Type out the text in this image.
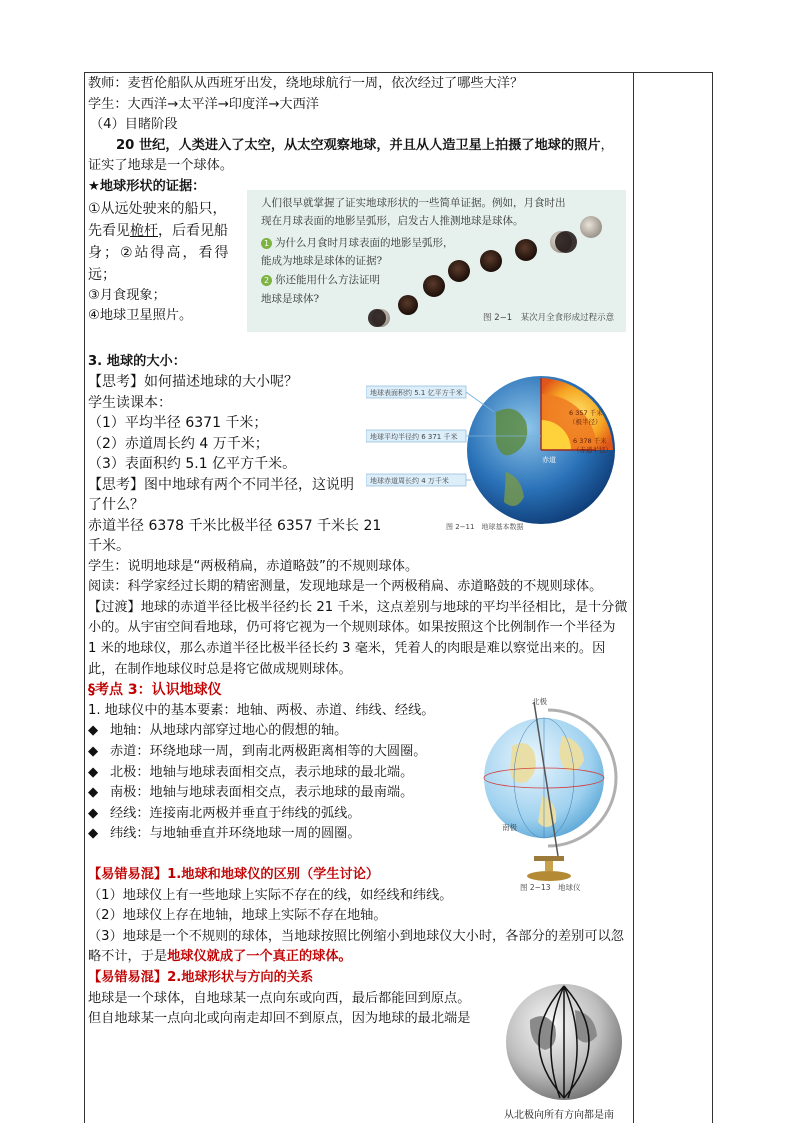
教师：麦哲伦船队从西班牙出发，绕地球航行一周，依次经过了哪些大洋？

学生：大西洋→太平洋→印度洋→大西洋

（4）目睹阶段

20 世纪，人类进入了太空，从太空观察地球，并且从人造卫星上拍摄了地球的照片，

证实了地球是一个球体。

★地球形状的证据：

①从远处驶来的船只，

先看见桅杆，后看见船

身；②站得高，看得

远；

③月食现象；

④地球卫星照片。

3. 地球的大小：

【思考】如何描述地球的大小呢？

学生读课本：

（1）平均半径 6371 千米；

（2）赤道周长约 4 万千米；

（3）表面积约 5.1 亿平方千米。

【思考】图中地球有两个不同半径，这说明

了什么？

赤道半径 6378 千米比极半径 6357 千米长 21

千米。

学生：说明地球是“两极稍扁，赤道略鼓”的不规则球体。

阅读：科学家经过长期的精密测量，发现地球是一个两极稍扁、赤道略鼓的不规则球体。

【过渡】地球的赤道半径比极半径约长 21 千米，这点差别与地球的平均半径相比，是十分微小的。从宇宙空间看地球，仍可将它视为一个规则球体。如果按照这个比例制作一个半径为 1 米的地球仪，那么赤道半径比极半径长约 3 毫米，凭着人的肉眼是难以察觉出来的。因此，在制作地球仪时总是将它做成规则球体。

§考点 3：认识地球仪

1. 地球仪中的基本要素：地轴、两极、赤道、纬线、经线。

◆ 地轴：从地球内部穿过地心的假想的轴。

◆ 赤道：环绕地球一周，到南北两极距离相等的大圆圈。

◆ 北极：地轴与地球表面相交点，表示地球的最北端。

◆ 南极：地轴与地球表面相交点，表示地球的最南端。

◆ 经线：连接南北两极并垂直于纬线的弧线。

◆ 纬线：与地轴垂直并环绕地球一周的圆圈。

【易错易混】1.地球和地球仪的区别（学生讨论）

（1）地球仪上有一些地球上实际不存在的线，如经线和纬线。

（2）地球仪上存在地轴，地球上实际不存在地轴。

（3）地球是一个不规则的球体，当地球按照比例缩小到地球仪大小时，各部分的差别可以忽略不计，于是地球仪就成了一个真正的球体。

【易错易混】2.地球形状与方向的关系

地球是一个球体，自地球某一点向东或向西，最后都能回到原点。

但自地球某一点向北或向南走却回不到原点，因为地球的最北端是

人们很早就掌握了证实地球形状的一些简单证据。例如，月食时出
现在月球表面的地影呈弧形，启发古人推测地球是球体。
1 为什么月食时月球表面的地影呈弧形，
能成为地球是球体的证据?
2 你还能用什么方法证明
地球是球体?
图 2−1　某次月全食形成过程示意
地球表面积约 5.1 亿平方千米
地球平均半径约 6 371 千米
地球赤道周长约 4 万千米
6 357 千米
（极半径）
6 378 千米
（赤道半径）
赤道
图 2−11　地球基本数据
北极
南极
图 2−13　地球仪
从北极向所有方向都是南
